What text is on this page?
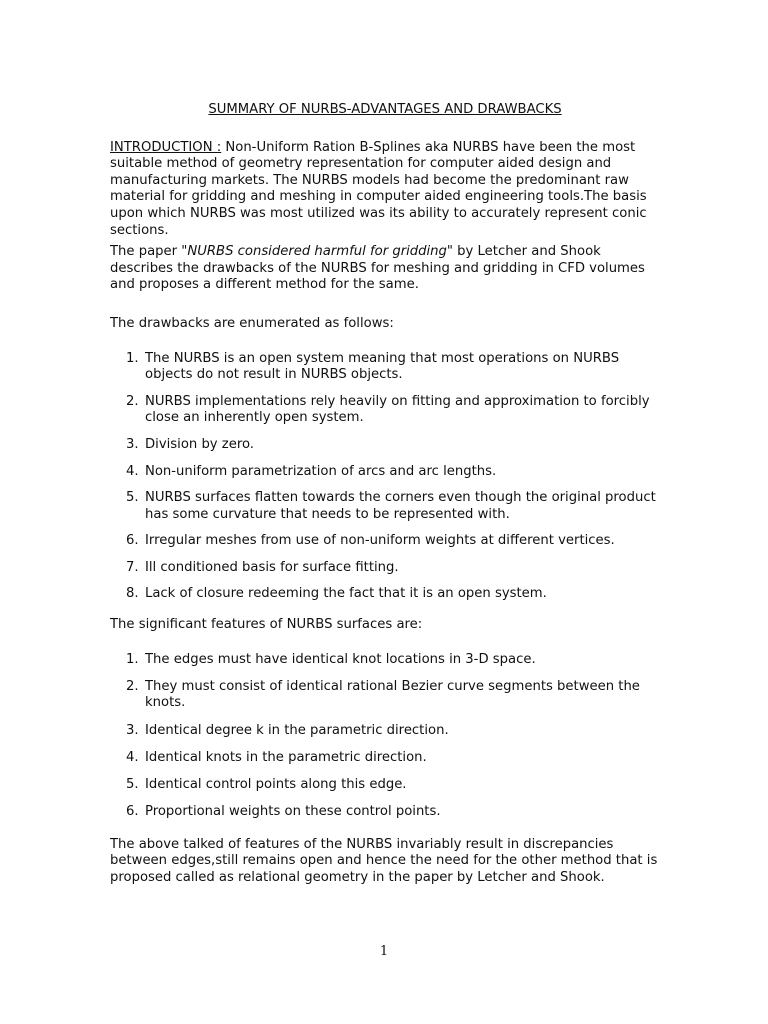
SUMMARY OF NURBS-ADVANTAGES AND DRAWBACKS

INTRODUCTION : Non-Uniform Ration B-Splines aka NURBS have been the most suitable method of geometry representation for computer aided design and manufacturing markets. The NURBS models had become the predominant raw material for gridding and meshing in computer aided engineering tools.The basis upon which NURBS was most utilized was its ability to accurately represent conic sections.

The paper "NURBS considered harmful for gridding" by Letcher and Shook describes the drawbacks of the NURBS for meshing and gridding in CFD volumes and proposes a different method for the same.

The drawbacks are enumerated as follows:

1. The NURBS is an open system meaning that most operations on NURBS objects do not result in NURBS objects.
2. NURBS implementations rely heavily on fitting and approximation to forcibly close an inherently open system.
3. Division by zero.
4. Non-uniform parametrization of arcs and arc lengths.
5. NURBS surfaces flatten towards the corners even though the original product has some curvature that needs to be represented with.
6. Irregular meshes from use of non-uniform weights at different vertices.
7. Ill conditioned basis for surface fitting.
8. Lack of closure redeeming the fact that it is an open system.

The significant features of NURBS surfaces are:

1. The edges must have identical knot locations in 3-D space.
2. They must consist of identical rational Bezier curve segments between the knots.
3. Identical degree k in the parametric direction.
4. Identical knots in the parametric direction.
5. Identical control points along this edge.
6. Proportional weights on these control points.

The above talked of features of the NURBS invariably result in discrepancies between edges,still remains open and hence the need for the other method that is proposed called as relational geometry in the paper by Letcher and Shook.

1
